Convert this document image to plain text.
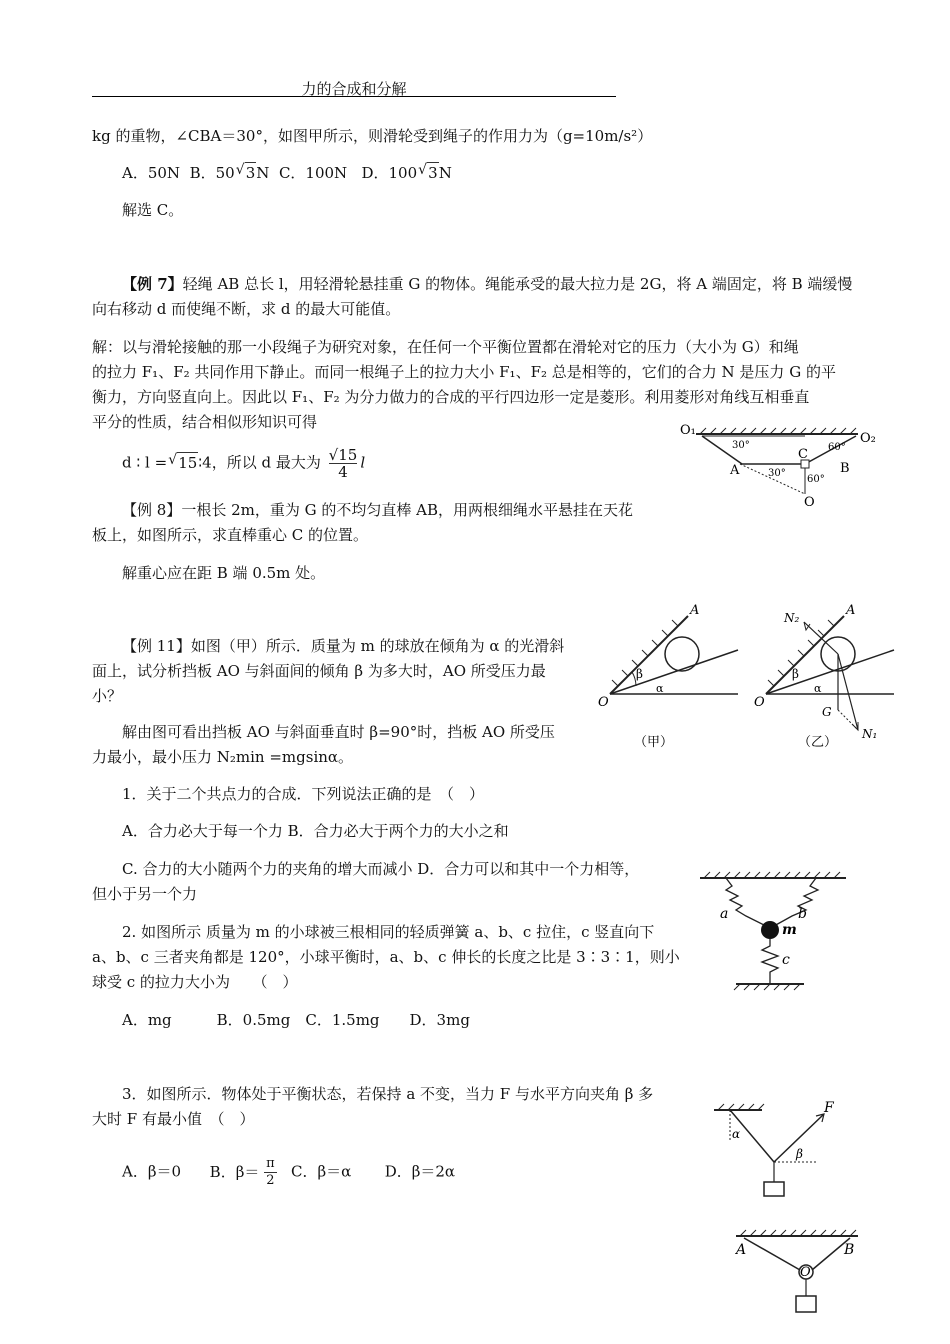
力的合成和分解
kg 的重物，∠CBA＝30°，如图甲所示，则滑轮受到绳子的作用力为（g=10m/s²）
A．50N B．50 √ 3N C．100N D．100 √ 3N
解选 C。
【例 7】轻绳 AB 总长 l，用轻滑轮悬挂重 G 的物体。绳能承受的最大拉力是 2G，将 A 端固定，将 B 端缓慢
向右移动 d 而使绳不断，求 d 的最大可能值。
解：以与滑轮接触的那一小段绳子为研究对象，在任何一个平衡位置都在滑轮对它的压力（大小为 G）和绳
的拉力 F₁、F₂ 共同作用下静止。而同一根绳子上的拉力大小 F₁、F₂ 总是相等的，它们的合力 N 是压力 G 的平
衡力，方向竖直向上。因此以 F₁、F₂ 为分力做力的合成的平行四边形一定是菱形。利用菱形对角线互相垂直
平分的性质，结合相似形知识可得
d ∶ l = √ 15∶4，所以 d 最大为 $\frac{√15}{4}$ l
O₁
O₂
A	B
C
O
30°	60°
30°
60°
【例 8】一根长 2m，重为 G 的不均匀直棒 AB，用两根细绳水平悬挂在天花
板上，如图所示，求直棒重心 C 的位置。
解重心应在距 B 端 0.5m 处。
【例 11】如图（甲）所示．质量为 m 的球放在倾角为 α 的光滑斜
面上，试分析挡板 AO 与斜面间的倾角 β 为多大时，AO 所受压力最
小？
解由图可看出挡板 AO 与斜面垂直时 β=90°时，挡板 AO 所受压
力最小，最小压力 N₂min =mgsinα。
A
O
β
α
（甲）
A
O
N₂
N₁
G
β
α
（乙）
1．关于二个共点力的合成．下列说法正确的是　（　）
A．合力必大于每一个力 B．合力必大于两个力的大小之和
C. 合力的大小随两个力的夹角的增大而减小 D．合力可以和其中一个力相等，
但小于另一个力
a	b
m
c
2. 如图所示 质量为 m 的小球被三根相同的轻质弹簧 a、b、c 拉住，c 竖直向下
a、b、c 三者夹角都是 120°，小球平衡时，a、b、c 伸长的长度之比是 3∶3∶1，则小
球受 c 的拉力大小为　　（　）
A．mg　　　B．0.5mg　C．1.5mg　　D．3mg
3．如图所示．物体处于平衡状态，若保持 a 不变，当力 F 与水平方向夹角 β 多
大时 F 有最小值　（　）
A．β＝0 B．$\beta= \frac{\pi}{2}$ C．β＝α D．β＝2α
F
α
β
A	B
O
